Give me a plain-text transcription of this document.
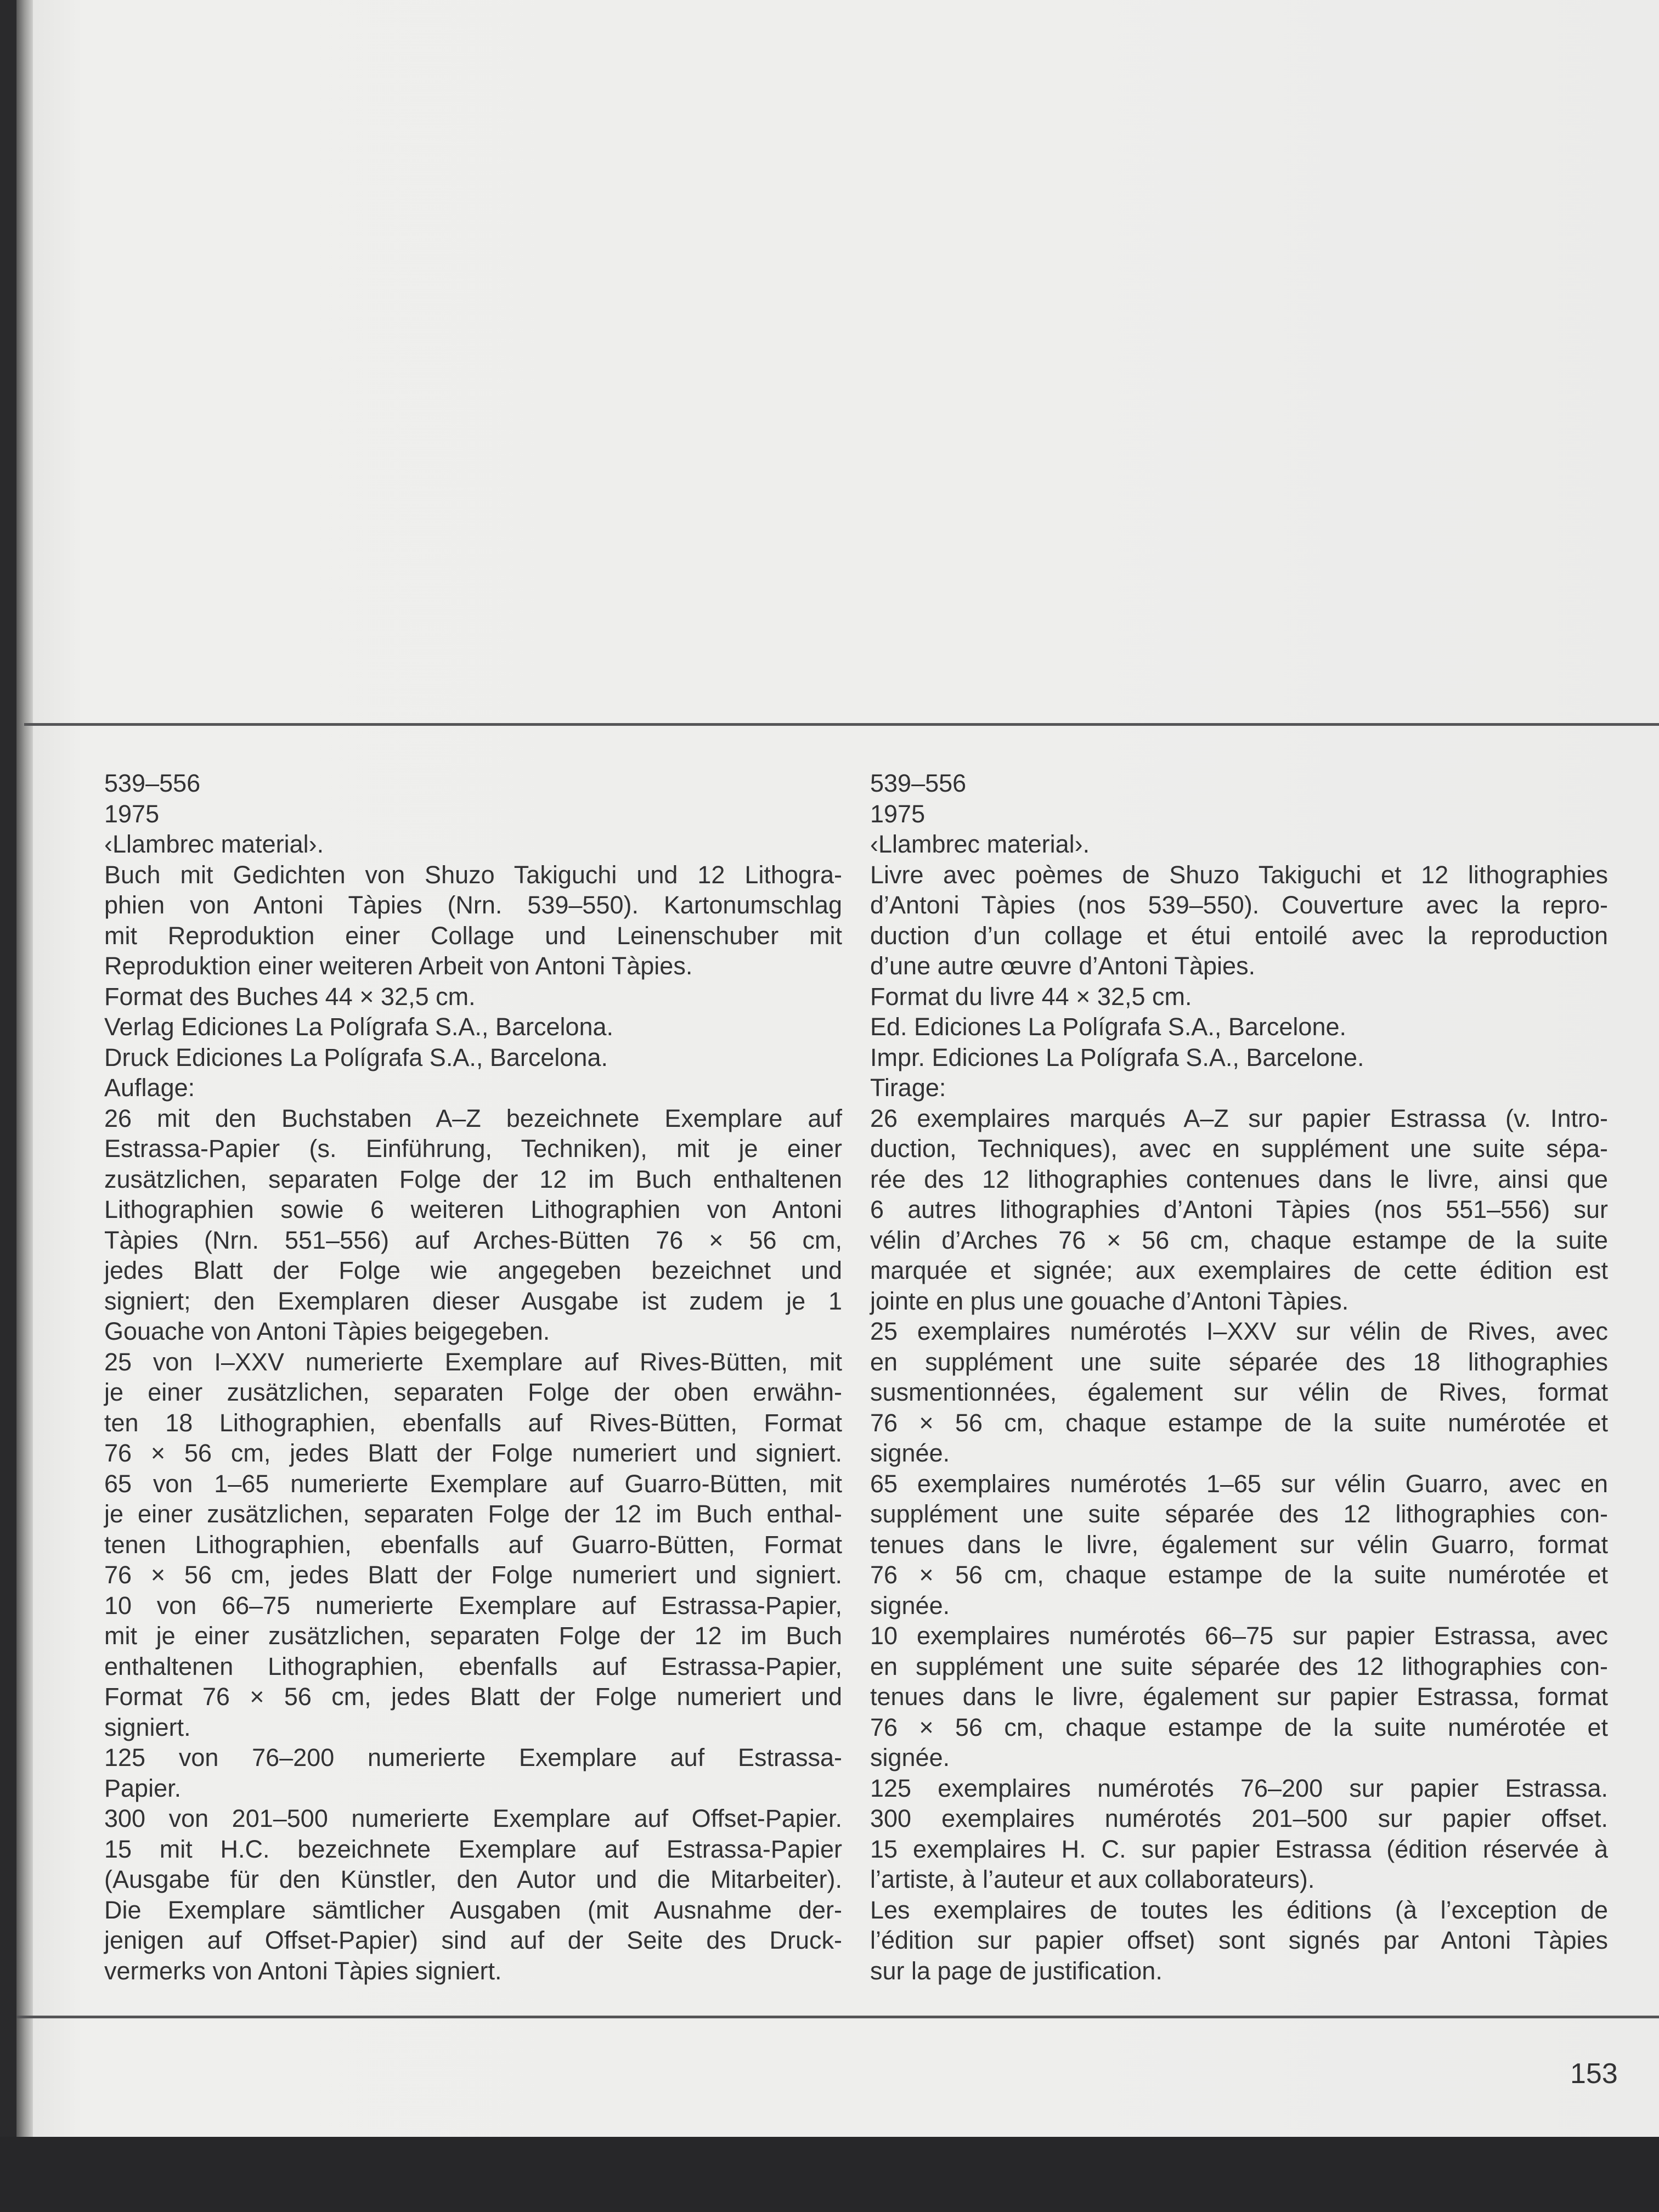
539–556
1975
‹Llambrec material›.
Buch mit Gedichten von Shuzo Takiguchi und 12 Lithogra-
phien von Antoni Tàpies (Nrn. 539–550). Kartonumschlag
mit Reproduktion einer Collage und Leinenschuber mit
Reproduktion einer weiteren Arbeit von Antoni Tàpies.
Format des Buches 44 × 32,5 cm.
Verlag Ediciones La Polígrafa S.A., Barcelona.
Druck Ediciones La Polígrafa S.A., Barcelona.
Auflage:
26 mit den Buchstaben A–Z bezeichnete Exemplare auf
Estrassa-Papier (s. Einführung, Techniken), mit je einer
zusätzlichen, separaten Folge der 12 im Buch enthaltenen
Lithographien sowie 6 weiteren Lithographien von Antoni
Tàpies (Nrn. 551–556) auf Arches-Bütten 76 × 56 cm,
jedes Blatt der Folge wie angegeben bezeichnet und
signiert; den Exemplaren dieser Ausgabe ist zudem je 1
Gouache von Antoni Tàpies beigegeben.
25 von I–XXV numerierte Exemplare auf Rives-Bütten, mit
je einer zusätzlichen, separaten Folge der oben erwähn-
ten 18 Lithographien, ebenfalls auf Rives-Bütten, Format
76 × 56 cm, jedes Blatt der Folge numeriert und signiert.
65 von 1–65 numerierte Exemplare auf Guarro-Bütten, mit
je einer zusätzlichen, separaten Folge der 12 im Buch enthal-
tenen Lithographien, ebenfalls auf Guarro-Bütten, Format
76 × 56 cm, jedes Blatt der Folge numeriert und signiert.
10 von 66–75 numerierte Exemplare auf Estrassa-Papier,
mit je einer zusätzlichen, separaten Folge der 12 im Buch
enthaltenen Lithographien, ebenfalls auf Estrassa-Papier,
Format 76 × 56 cm, jedes Blatt der Folge numeriert und
signiert.
125 von 76–200 numerierte Exemplare auf Estrassa-
Papier.
300 von 201–500 numerierte Exemplare auf Offset-Papier.
15 mit H.C. bezeichnete Exemplare auf Estrassa-Papier
(Ausgabe für den Künstler, den Autor und die Mitarbeiter).
Die Exemplare sämtlicher Ausgaben (mit Ausnahme der-
jenigen auf Offset-Papier) sind auf der Seite des Druck-
vermerks von Antoni Tàpies signiert.
539–556
1975
‹Llambrec material›.
Livre avec poèmes de Shuzo Takiguchi et 12 lithographies
d’Antoni Tàpies (nos 539–550). Couverture avec la repro-
duction d’un collage et étui entoilé avec la reproduction
d’une autre œuvre d’Antoni Tàpies.
Format du livre 44 × 32,5 cm.
Ed. Ediciones La Polígrafa S.A., Barcelone.
Impr. Ediciones La Polígrafa S.A., Barcelone.
Tirage:
26 exemplaires marqués A–Z sur papier Estrassa (v. Intro-
duction, Techniques), avec en supplément une suite sépa-
rée des 12 lithographies contenues dans le livre, ainsi que
6 autres lithographies d’Antoni Tàpies (nos 551–556) sur
vélin d’Arches 76 × 56 cm, chaque estampe de la suite
marquée et signée; aux exemplaires de cette édition est
jointe en plus une gouache d’Antoni Tàpies.
25 exemplaires numérotés I–XXV sur vélin de Rives, avec
en supplément une suite séparée des 18 lithographies
susmentionnées, également sur vélin de Rives, format
76 × 56 cm, chaque estampe de la suite numérotée et
signée.
65 exemplaires numérotés 1–65 sur vélin Guarro, avec en
supplément une suite séparée des 12 lithographies con-
tenues dans le livre, également sur vélin Guarro, format
76 × 56 cm, chaque estampe de la suite numérotée et
signée.
10 exemplaires numérotés 66–75 sur papier Estrassa, avec
en supplément une suite séparée des 12 lithographies con-
tenues dans le livre, également sur papier Estrassa, format
76 × 56 cm, chaque estampe de la suite numérotée et
signée.
125 exemplaires numérotés 76–200 sur papier Estrassa.
300 exemplaires numérotés 201–500 sur papier offset.
15 exemplaires H. C. sur papier Estrassa (édition réservée à
l’artiste, à l’auteur et aux collaborateurs).
Les exemplaires de toutes les éditions (à l’exception de
l’édition sur papier offset) sont signés par Antoni Tàpies
sur la page de justification.
153
